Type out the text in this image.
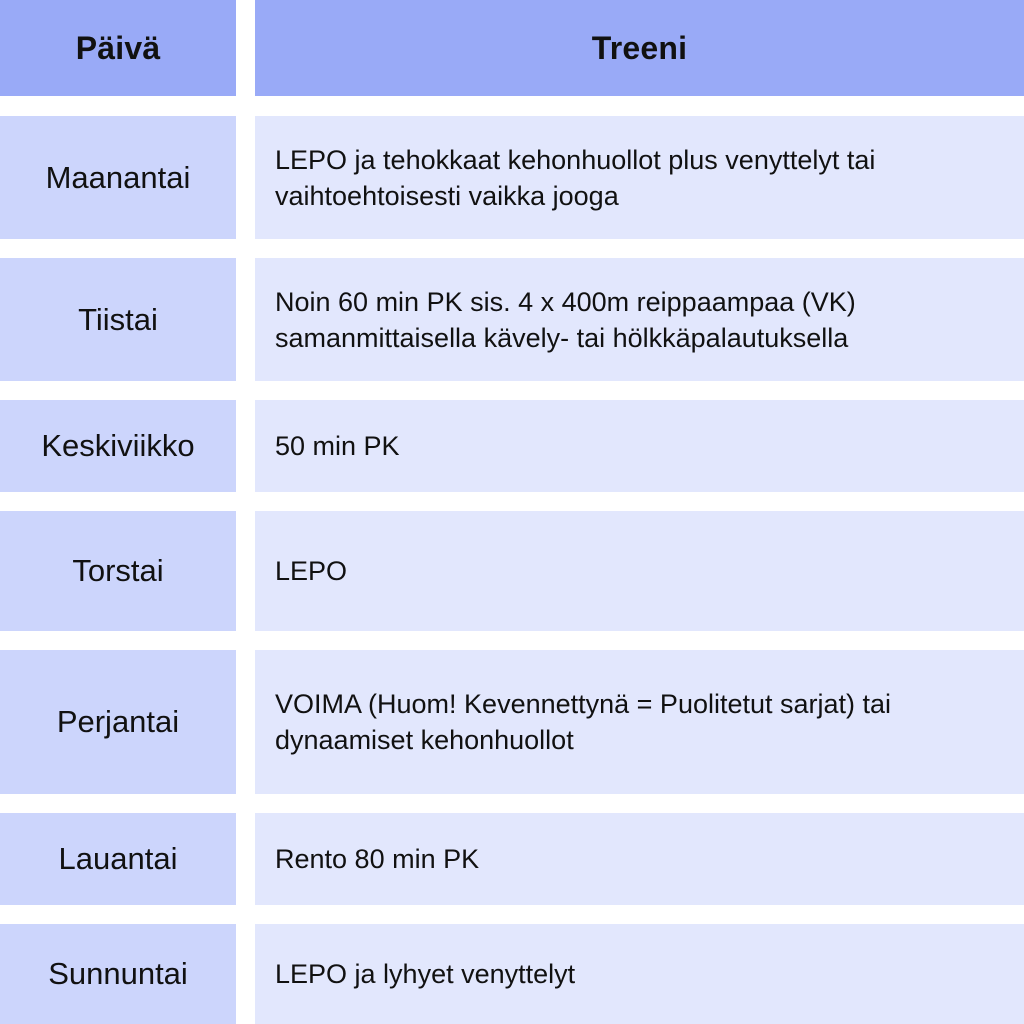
Päivä	Treeni
Maanantai	LEPO ja tehokkaat kehonhuollot plus venyttelyt tai vaihtoehtoisesti vaikka jooga
Tiistai	Noin 60 min PK sis. 4 x 400m reippaampaa (VK) samanmittaisella kävely- tai hölkkäpalautuksella
Keskiviikko	50 min PK
Torstai	LEPO
Perjantai	VOIMA (Huom! Kevennettynä = Puolitetut sarjat) tai dynaamiset kehonhuollot
Lauantai	Rento 80 min PK
Sunnuntai	LEPO ja lyhyet venyttelyt
